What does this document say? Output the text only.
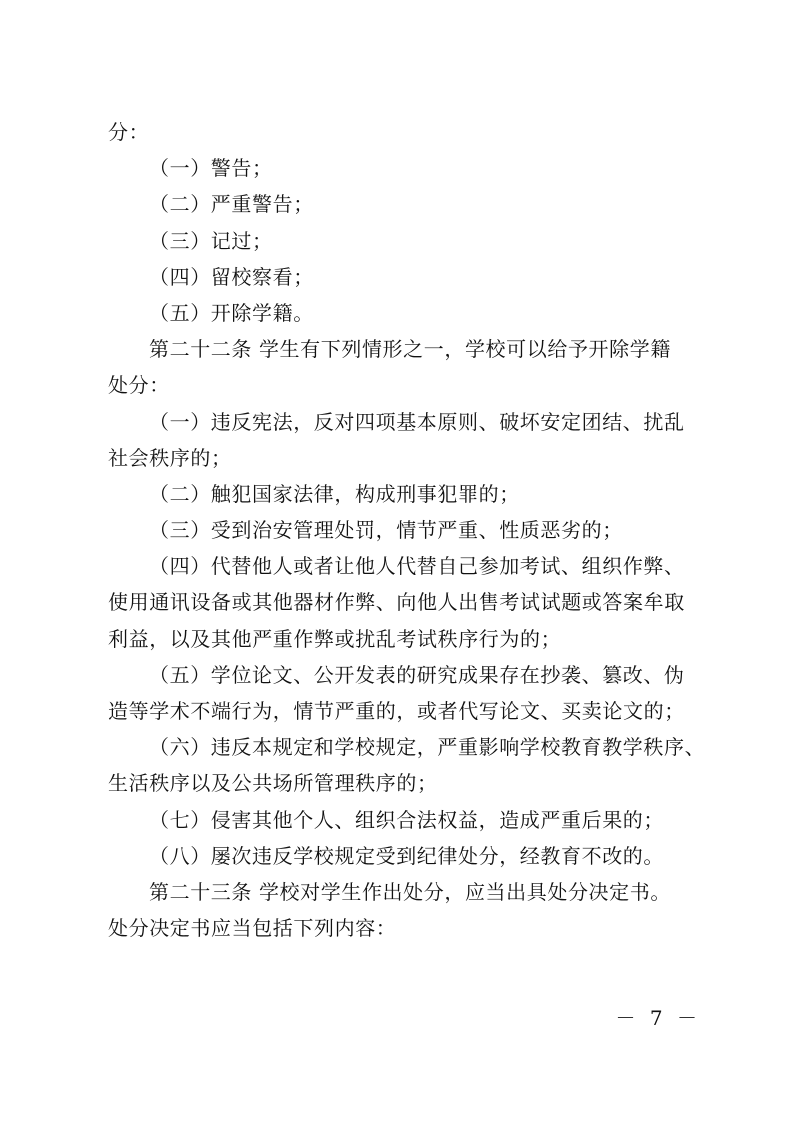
分：
（一）警告；
（二）严重警告；
（三）记过；
（四）留校察看；
（五）开除学籍。
第二十二条 学生有下列情形之一，学校可以给予开除学籍
处分：
（一）违反宪法，反对四项基本原则、破坏安定团结、扰乱
社会秩序的；
（二）触犯国家法律，构成刑事犯罪的；
（三）受到治安管理处罚，情节严重、性质恶劣的；
（四）代替他人或者让他人代替自己参加考试、组织作弊、
使用通讯设备或其他器材作弊、向他人出售考试试题或答案牟取
利益，以及其他严重作弊或扰乱考试秩序行为的；
（五）学位论文、公开发表的研究成果存在抄袭、篡改、伪
造等学术不端行为，情节严重的，或者代写论文、买卖论文的；
（六）违反本规定和学校规定，严重影响学校教育教学秩序、
生活秩序以及公共场所管理秩序的；
（七）侵害其他个人、组织合法权益，造成严重后果的；
（八）屡次违反学校规定受到纪律处分，经教育不改的。
第二十三条 学校对学生作出处分，应当出具处分决定书。
处分决定书应当包括下列内容：
－ 7 －
